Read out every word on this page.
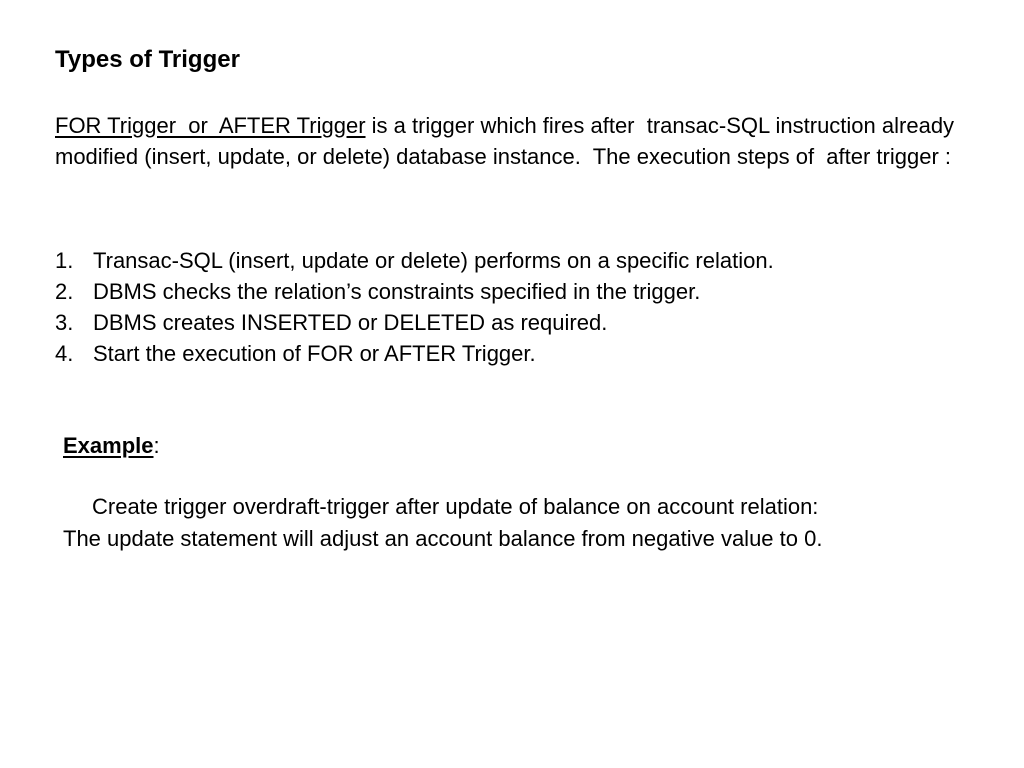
Types of Trigger
FOR Trigger  or  AFTER Trigger is a trigger which fires after  transac-SQL instruction already modified (insert, update, or delete) database instance.  The execution steps of  after trigger :
1. Transac-SQL (insert, update or delete) performs on a specific relation.
2. DBMS checks the relation’s constraints specified in the trigger.
3. DBMS creates INSERTED or DELETED as required.
4. Start the execution of FOR or AFTER Trigger.
Example:
Create trigger overdraft-trigger after update of balance on account relation:
The update statement will adjust an account balance from negative value to 0.
